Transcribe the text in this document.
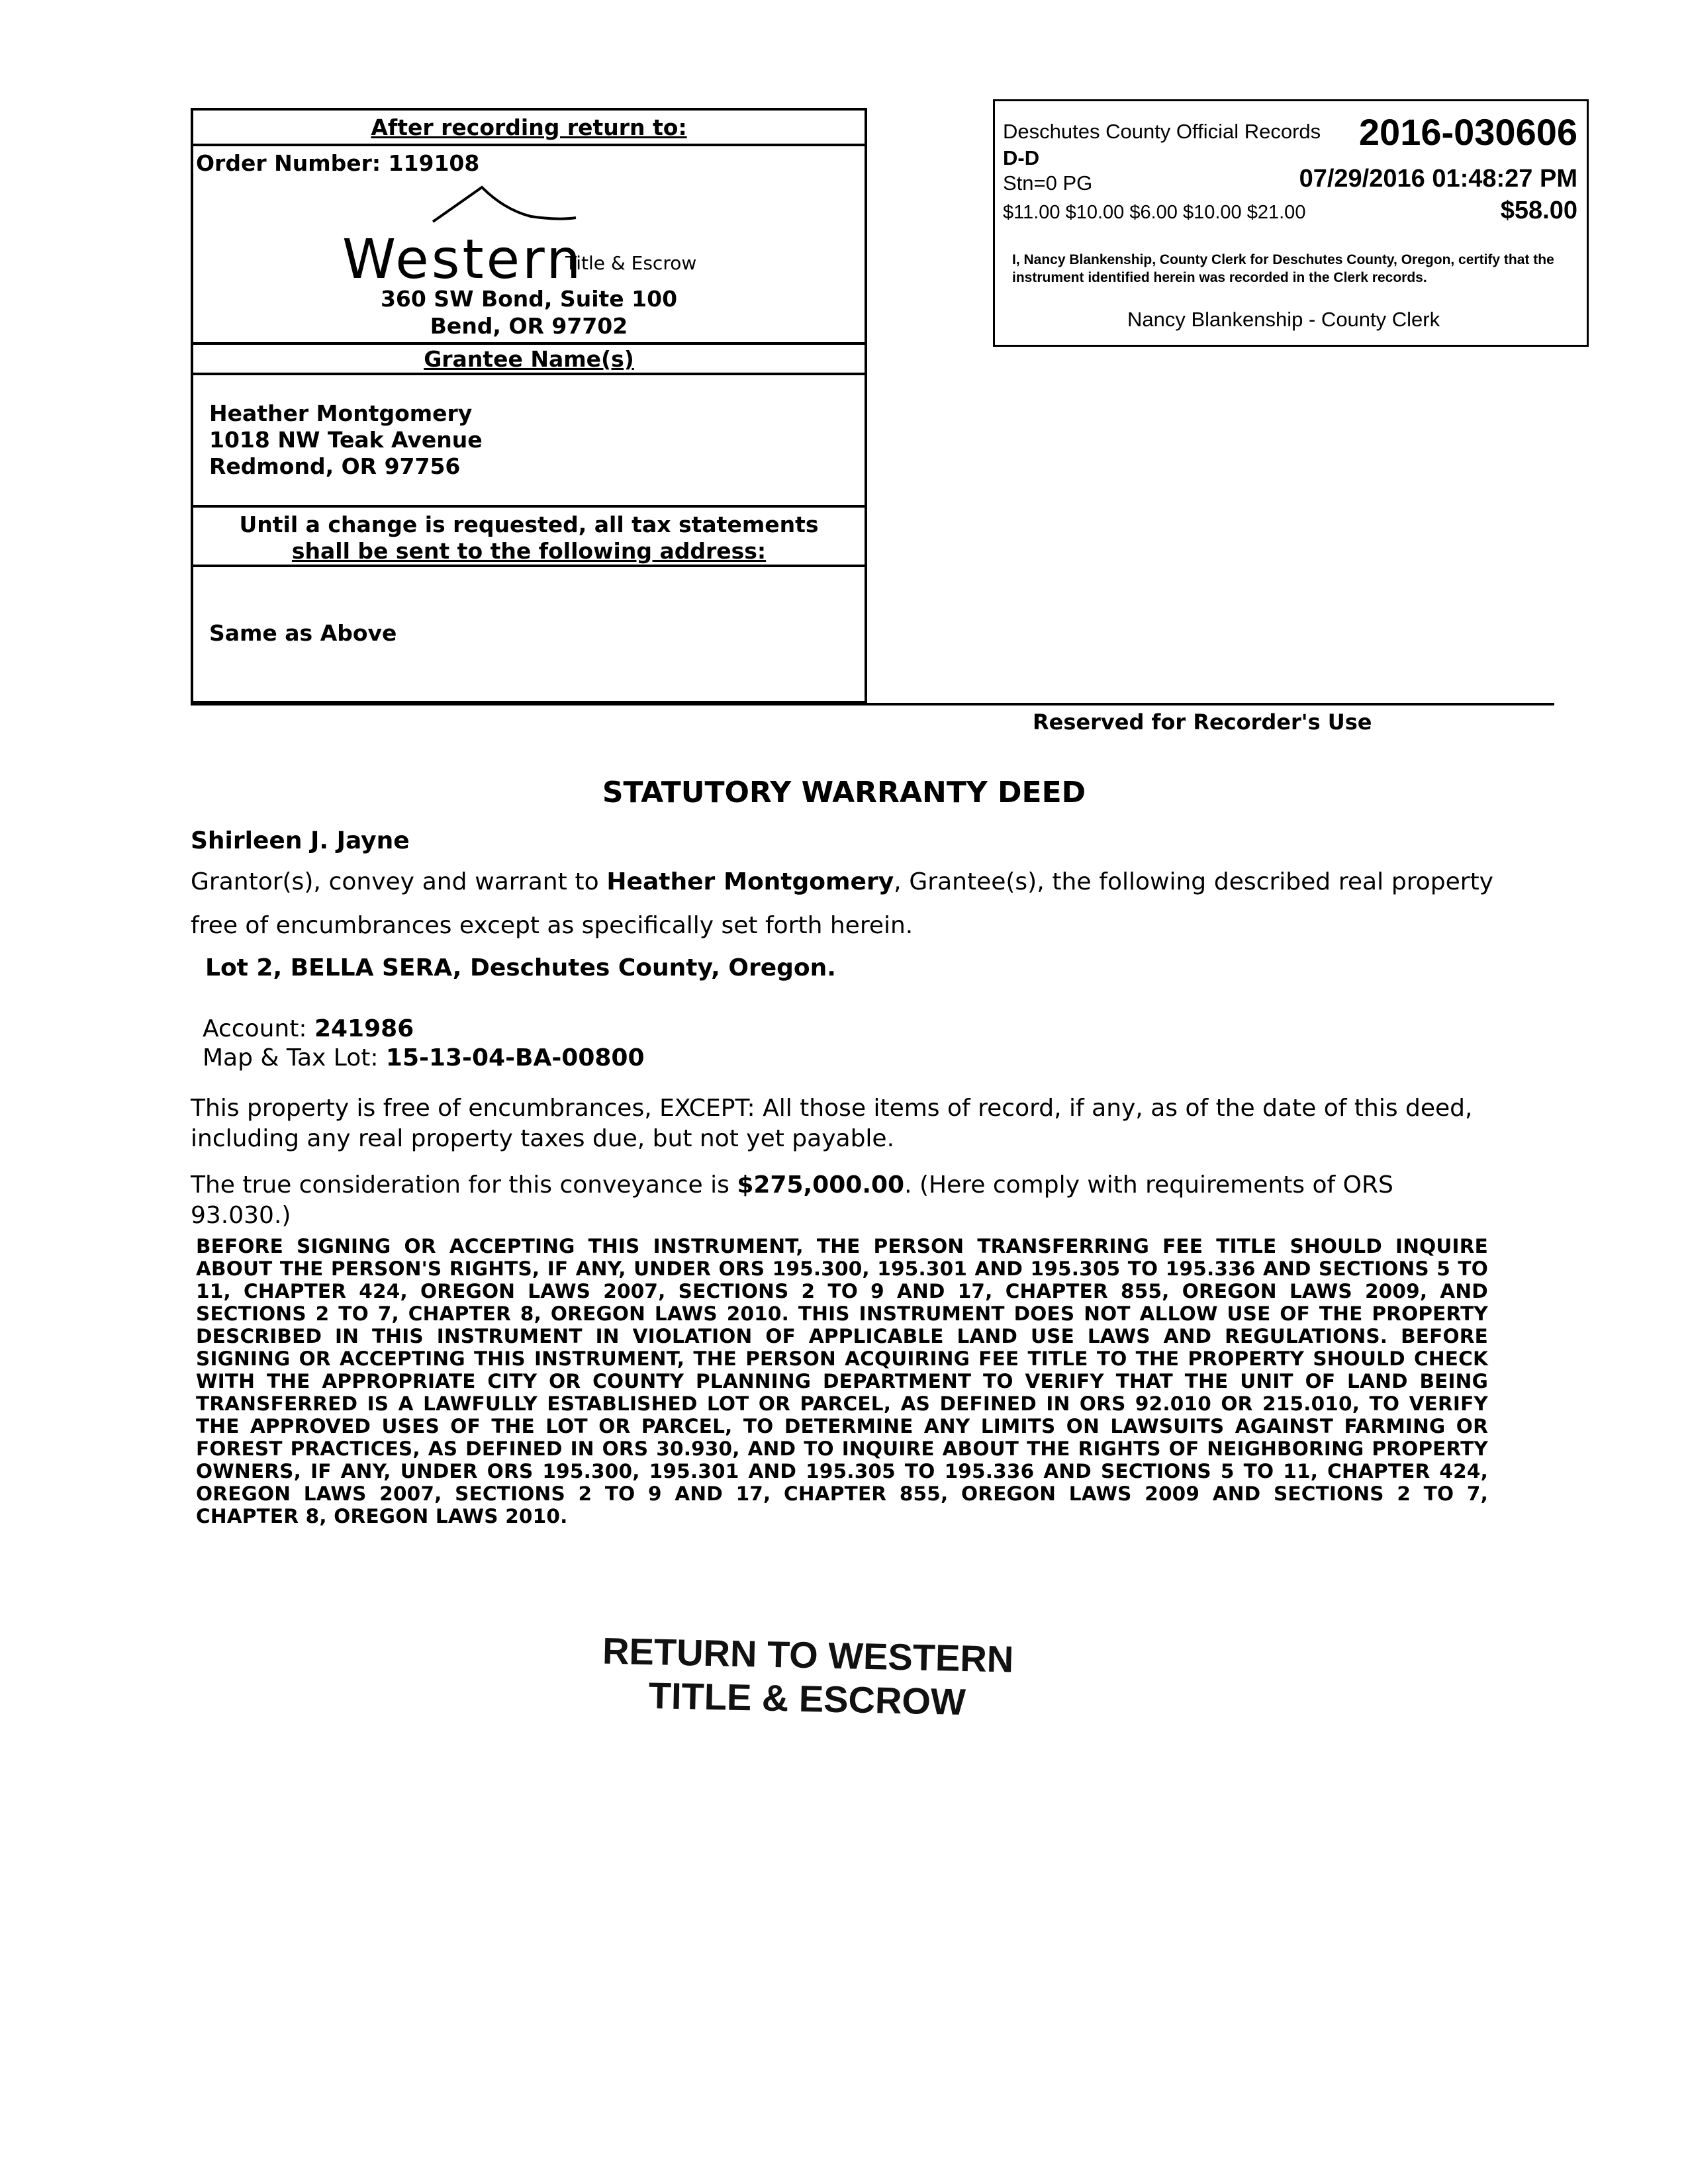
After recording return to:
Order Number: 119108
Western
Title & Escrow
360 SW Bond, Suite 100
Bend, OR 97702
Grantee Name(s)
Heather Montgomery
1018 NW Teak Avenue
Redmond, OR 97756
Until a change is requested, all tax statements
shall be sent to the following address:
Same as Above
Deschutes County Official Records 2016-030606
D-D
Stn=0 PG	07/29/2016 01:48:27 PM
$11.00 $10.00 $6.00 $10.00 $21.00	$58.00
I, Nancy Blankenship, County Clerk for Deschutes County, Oregon, certify that the instrument identified herein was recorded in the Clerk records.
Nancy Blankenship - County Clerk
Reserved for Recorder's Use
STATUTORY WARRANTY DEED
Shirleen J. Jayne
Grantor(s), convey and warrant to Heather Montgomery, Grantee(s), the following described real property free of encumbrances except as specifically set forth herein.
Lot 2, BELLA SERA, Deschutes County, Oregon.
Account: 241986
Map & Tax Lot: 15-13-04-BA-00800
This property is free of encumbrances, EXCEPT: All those items of record, if any, as of the date of this deed, including any real property taxes due, but not yet payable.
The true consideration for this conveyance is $275,000.00. (Here comply with requirements of ORS 93.030.)
BEFORE SIGNING OR ACCEPTING THIS INSTRUMENT, THE PERSON TRANSFERRING FEE TITLE SHOULD INQUIRE ABOUT THE PERSON'S RIGHTS, IF ANY, UNDER ORS 195.300, 195.301 AND 195.305 TO 195.336 AND SECTIONS 5 TO 11, CHAPTER 424, OREGON LAWS 2007, SECTIONS 2 TO 9 AND 17, CHAPTER 855, OREGON LAWS 2009, AND SECTIONS 2 TO 7, CHAPTER 8, OREGON LAWS 2010. THIS INSTRUMENT DOES NOT ALLOW USE OF THE PROPERTY DESCRIBED IN THIS INSTRUMENT IN VIOLATION OF APPLICABLE LAND USE LAWS AND REGULATIONS. BEFORE SIGNING OR ACCEPTING THIS INSTRUMENT, THE PERSON ACQUIRING FEE TITLE TO THE PROPERTY SHOULD CHECK WITH THE APPROPRIATE CITY OR COUNTY PLANNING DEPARTMENT TO VERIFY THAT THE UNIT OF LAND BEING TRANSFERRED IS A LAWFULLY ESTABLISHED LOT OR PARCEL, AS DEFINED IN ORS 92.010 OR 215.010, TO VERIFY THE APPROVED USES OF THE LOT OR PARCEL, TO DETERMINE ANY LIMITS ON LAWSUITS AGAINST FARMING OR FOREST PRACTICES, AS DEFINED IN ORS 30.930, AND TO INQUIRE ABOUT THE RIGHTS OF NEIGHBORING PROPERTY OWNERS, IF ANY, UNDER ORS 195.300, 195.301 AND 195.305 TO 195.336 AND SECTIONS 5 TO 11, CHAPTER 424, OREGON LAWS 2007, SECTIONS 2 TO 9 AND 17, CHAPTER 855, OREGON LAWS 2009 AND SECTIONS 2 TO 7, CHAPTER 8, OREGON LAWS 2010.
RETURN TO WESTERN
TITLE & ESCROW
